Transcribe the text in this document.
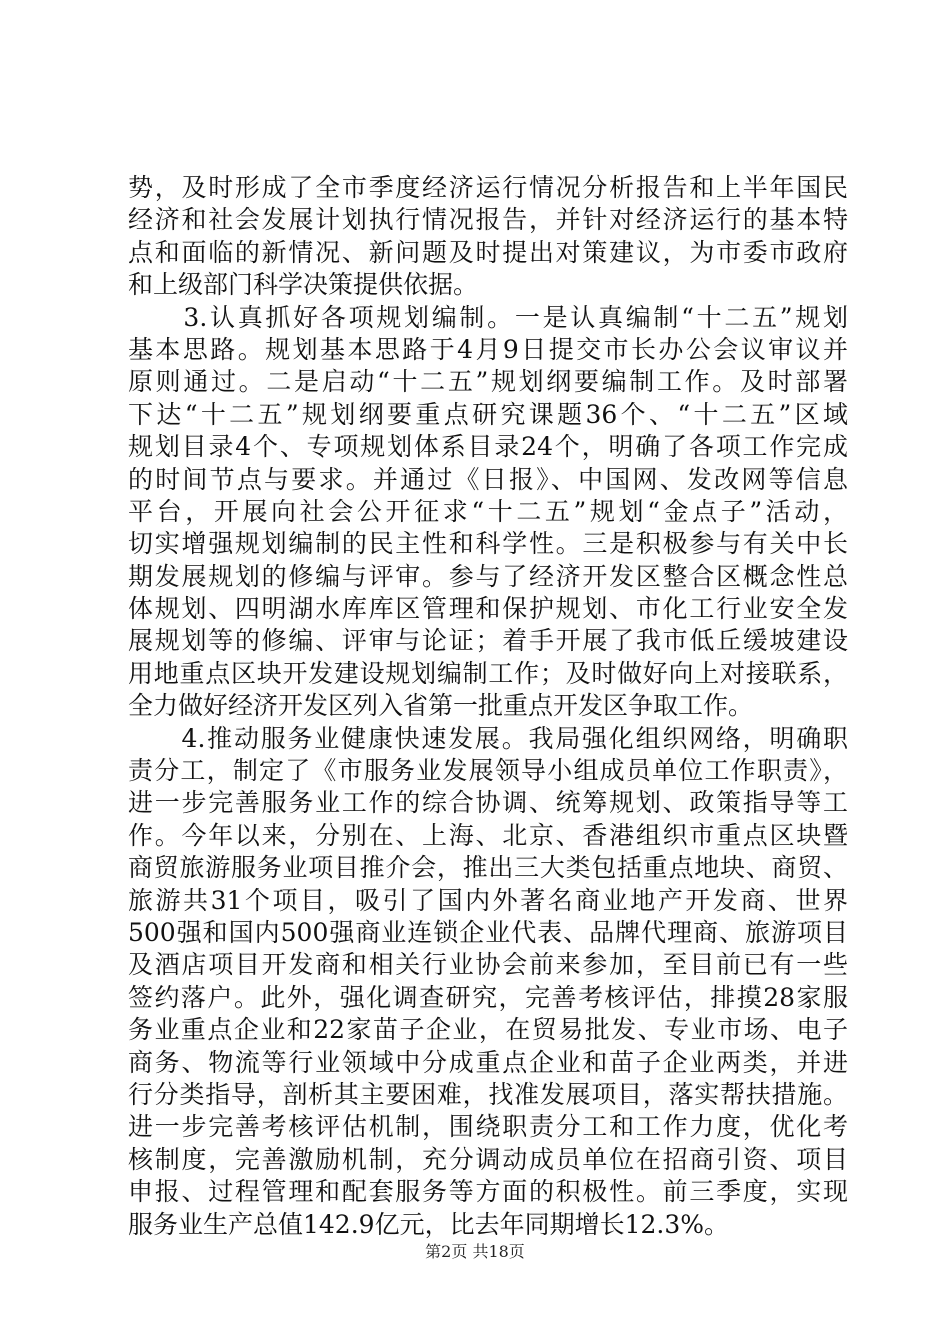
势，及时形成了全市季度经济运行情况分析报告和上半年国民
经济和社会发展计划执行情况报告，并针对经济运行的基本特
点和面临的新情况、新问题及时提出对策建议，为市委市政府
和上级部门科学决策提供依据。
　　3.认真抓好各项规划编制。一是认真编制“十二五”规划
基本思路。规划基本思路于4月9日提交市长办公会议审议并
原则通过。二是启动“十二五”规划纲要编制工作。及时部署
下达“十二五”规划纲要重点研究课题36个、“十二五”区域
规划目录4个、专项规划体系目录24个，明确了各项工作完成
的时间节点与要求。并通过《日报》、中国网、发改网等信息
平台，开展向社会公开征求“十二五”规划“金点子”活动，
切实增强规划编制的民主性和科学性。三是积极参与有关中长
期发展规划的修编与评审。参与了经济开发区整合区概念性总
体规划、四明湖水库库区管理和保护规划、市化工行业安全发
展规划等的修编、评审与论证；着手开展了我市低丘缓坡建设
用地重点区块开发建设规划编制工作；及时做好向上对接联系，
全力做好经济开发区列入省第一批重点开发区争取工作。
　　4.推动服务业健康快速发展。我局强化组织网络，明确职
责分工，制定了《市服务业发展领导小组成员单位工作职责》，
进一步完善服务业工作的综合协调、统筹规划、政策指导等工
作。今年以来，分别在、上海、北京、香港组织市重点区块暨
商贸旅游服务业项目推介会，推出三大类包括重点地块、商贸、
旅游共31个项目，吸引了国内外著名商业地产开发商、世界
500强和国内500强商业连锁企业代表、品牌代理商、旅游项目
及酒店项目开发商和相关行业协会前来参加，至目前已有一些
签约落户。此外，强化调查研究，完善考核评估，排摸28家服
务业重点企业和22家苗子企业，在贸易批发、专业市场、电子
商务、物流等行业领域中分成重点企业和苗子企业两类，并进
行分类指导，剖析其主要困难，找准发展项目，落实帮扶措施。
进一步完善考核评估机制，围绕职责分工和工作力度，优化考
核制度，完善激励机制，充分调动成员单位在招商引资、项目
申报、过程管理和配套服务等方面的积极性。前三季度，实现
服务业生产总值142.9亿元，比去年同期增长12.3%。
第2页 共18页
